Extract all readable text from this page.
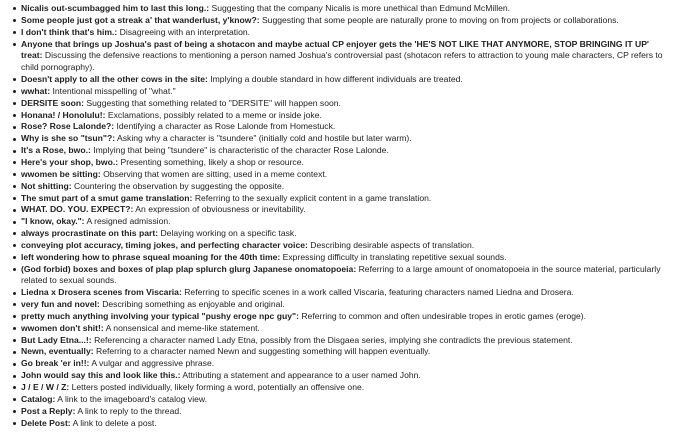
Nicalis out-scumbagged him to last this long.: Suggesting that the company Nicalis is more unethical than Edmund McMillen.
Some people just got a streak a' that wanderlust, y'know?: Suggesting that some people are naturally prone to moving on from projects or collaborations.
I don't think that's him.: Disagreeing with an interpretation.
Anyone that brings up Joshua's past of being a shotacon and maybe actual CP enjoyer gets the 'HE'S NOT LIKE THAT ANYMORE, STOP BRINGING IT UP' treat: Discussing the defensive reactions to mentioning a person named Joshua's controversial past (shotacon refers to attraction to young male characters, CP refers to child pornography).
Doesn't apply to all the other cows in the site: Implying a double standard in how different individuals are treated.
wwhat: Intentional misspelling of "what."
DERSITE soon: Suggesting that something related to "DERSITE" will happen soon.
Honana! / Honolulu!: Exclamations, possibly related to a meme or inside joke.
Rose? Rose Lalonde?: Identifying a character as Rose Lalonde from Homestuck.
Why is she so "tsun"?: Asking why a character is "tsundere" (initially cold and hostile but later warm).
It's a Rose, bwo.: Implying that being "tsundere" is characteristic of the character Rose Lalonde.
Here's your shop, bwo.: Presenting something, likely a shop or resource.
wwomen be sitting: Observing that women are sitting, used in a meme context.
Not shitting: Countering the observation by suggesting the opposite.
The smut part of a smut game translation: Referring to the sexually explicit content in a game translation.
WHAT. DO. YOU. EXPECT?: An expression of obviousness or inevitability.
"I know, okay.": A resigned admission.
always procrastinate on this part: Delaying working on a specific task.
conveying plot accuracy, timing jokes, and perfecting character voice: Describing desirable aspects of translation.
left wondering how to phrase squeal moaning for the 40th time: Expressing difficulty in translating repetitive sexual sounds.
(God forbid) boxes and boxes of plap plap splurch glurg Japanese onomatopoeia: Referring to a large amount of onomatopoeia in the source material, particularly related to sexual sounds.
Liedna x Drosera scenes from Viscaria: Referring to specific scenes in a work called Viscaria, featuring characters named Liedna and Drosera.
very fun and novel: Describing something as enjoyable and original.
pretty much anything involving your typical "pushy eroge npc guy": Referring to common and often undesirable tropes in erotic games (eroge).
wwomen don't shit!: A nonsensical and meme-like statement.
But Lady Etna...!: Referencing a character named Lady Etna, possibly from the Disgaea series, implying she contradicts the previous statement.
Newn, eventually: Referring to a character named Newn and suggesting something will happen eventually.
Go break 'er in!!: A vulgar and aggressive phrase.
John would say this and look like this.: Attributing a statement and appearance to a user named John.
J / E / W / Z: Letters posted individually, likely forming a word, potentially an offensive one.
Catalog: A link to the imageboard's catalog view.
Post a Reply: A link to reply to the thread.
Delete Post: A link to delete a post.
